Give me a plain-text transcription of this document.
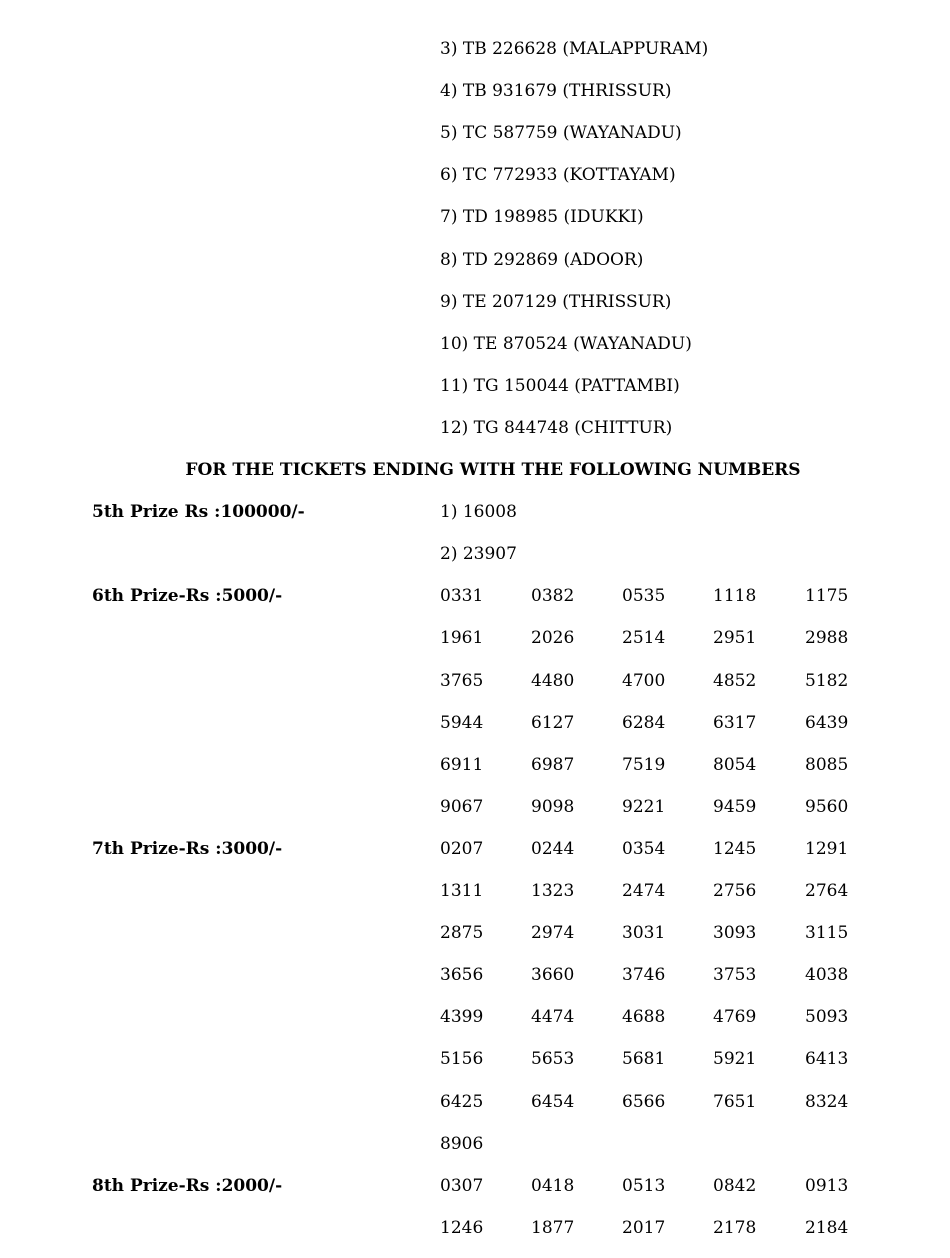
3) TB 226628 (MALAPPURAM)
4) TB 931679 (THRISSUR)
5) TC 587759 (WAYANADU)
6) TC 772933 (KOTTAYAM)
7) TD 198985 (IDUKKI)
8) TD 292869 (ADOOR)
9) TE 207129 (THRISSUR)
10) TE 870524 (WAYANADU)
11) TG 150044 (PATTAMBI)
12) TG 844748 (CHITTUR)
FOR THE TICKETS ENDING WITH THE FOLLOWING NUMBERS
5th Prize Rs :100000/-	1) 16008
2) 23907
6th Prize-Rs :5000/-	0331	0382	0535	1118	1175
1961	2026	2514	2951	2988
3765	4480	4700	4852	5182
5944	6127	6284	6317	6439
6911	6987	7519	8054	8085
9067	9098	9221	9459	9560
7th Prize-Rs :3000/-	0207	0244	0354	1245	1291
1311	1323	2474	2756	2764
2875	2974	3031	3093	3115
3656	3660	3746	3753	4038
4399	4474	4688	4769	5093
5156	5653	5681	5921	6413
6425	6454	6566	7651	8324
8906
8th Prize-Rs :2000/-	0307	0418	0513	0842	0913
1246	1877	2017	2178	2184
